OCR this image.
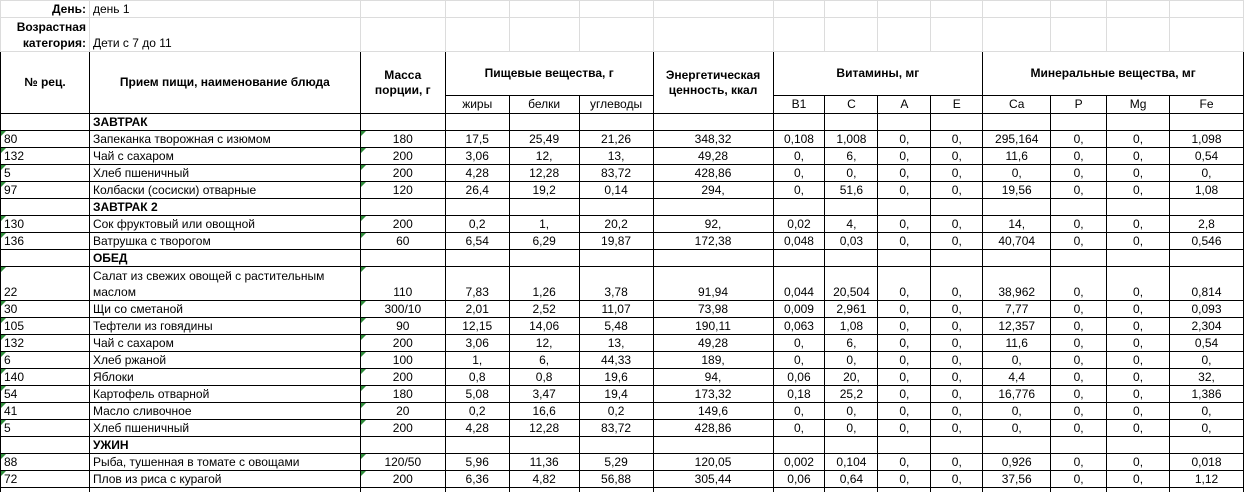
День:	день 1													
Возрастная
категория:	Дети с 7 до 11													
№ рец.	Прием пищи, наименование блюда	Масса порции, г	Пищевые вещества, г			Энергетическая ценность, ккал	Витамины, мг				Минеральные вещества, мг			
			жиры	белки	углеводы		B1	C	A	E	Ca	P	Mg	Fe
	ЗАВТРАК													
80	Запеканка творожная с изюмом	180	17,5	25,49	21,26	348,32	0,108	1,008	0,	0,	295,164	0,	0,	1,098
132	Чай с сахаром	200	3,06	12,	13,	49,28	0,	6,	0,	0,	11,6	0,	0,	0,54
5	Хлеб пшеничный	200	4,28	12,28	83,72	428,86	0,	0,	0,	0,	0,	0,	0,	0,
97	Колбаски (сосиски) отварные	120	26,4	19,2	0,14	294,	0,	51,6	0,	0,	19,56	0,	0,	1,08
	ЗАВТРАК 2													
130	Сок фруктовый или овощной	200	0,2	1,	20,2	92,	0,02	4,	0,	0,	14,	0,	0,	2,8
136	Ватрушка с творогом	60	6,54	6,29	19,87	172,38	0,048	0,03	0,	0,	40,704	0,	0,	0,546
	ОБЕД													
22	Салат из свежих овощей с растительным маслом	110	7,83	1,26	3,78	91,94	0,044	20,504	0,	0,	38,962	0,	0,	0,814
30	Щи со сметаной	300/10	2,01	2,52	11,07	73,98	0,009	2,961	0,	0,	7,77	0,	0,	0,093
105	Тефтели из говядины	90	12,15	14,06	5,48	190,11	0,063	1,08	0,	0,	12,357	0,	0,	2,304
132	Чай с сахаром	200	3,06	12,	13,	49,28	0,	6,	0,	0,	11,6	0,	0,	0,54
6	Хлеб ржаной	100	1,	6,	44,33	189,	0,	0,	0,	0,	0,	0,	0,	0,
140	Яблоки	200	0,8	0,8	19,6	94,	0,06	20,	0,	0,	4,4	0,	0,	32,
54	Картофель отварной	180	5,08	3,47	19,4	173,32	0,18	25,2	0,	0,	16,776	0,	0,	1,386
41	Масло сливочное	20	0,2	16,6	0,2	149,6	0,	0,	0,	0,	0,	0,	0,	0,
5	Хлеб пшеничный	200	4,28	12,28	83,72	428,86	0,	0,	0,	0,	0,	0,	0,	0,
	УЖИН													
88	Рыба, тушенная в томате с овощами	120/50	5,96	11,36	5,29	120,05	0,002	0,104	0,	0,	0,926	0,	0,	0,018
72	Плов из риса с курагой	200	6,36	4,82	56,88	305,44	0,06	0,64	0,	0,	37,56	0,	0,	1,12
